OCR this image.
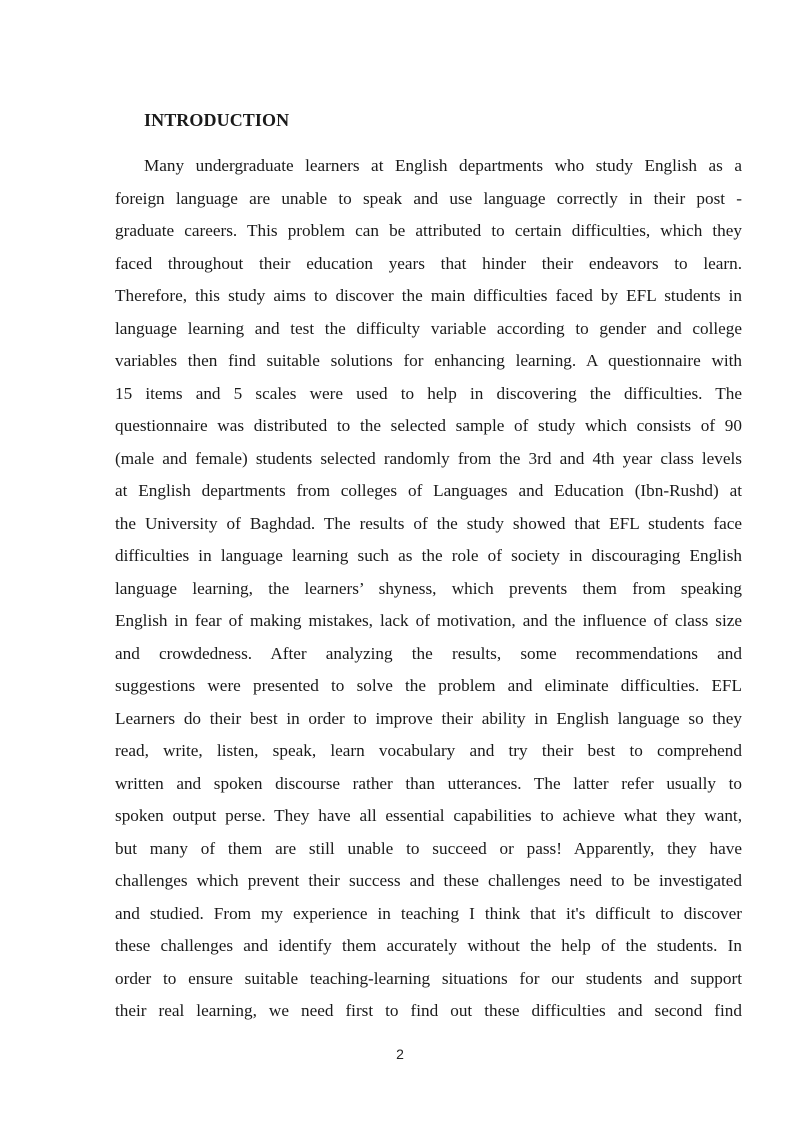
INTRODUCTION
Many undergraduate learners at English departments who study English as a
foreign language are unable to speak and use language correctly in their post -
graduate careers. This problem can be attributed to certain difficulties, which they
faced throughout their education years that hinder their endeavors to learn.
Therefore, this study aims to discover the main difficulties faced by EFL students in
language learning and test the difficulty variable according to gender and college
variables then find suitable solutions for enhancing learning. A questionnaire with
15 items and 5 scales were used to help in discovering the difficulties. The
questionnaire was distributed to the selected sample of study which consists of 90
(male and female) students selected randomly from the 3rd and 4th year class levels
at English departments from colleges of Languages and Education (Ibn-Rushd) at
the University of Baghdad. The results of the study showed that EFL students face
difficulties in language learning such as the role of society in discouraging English
language learning, the learners’ shyness, which prevents them from speaking
English in fear of making mistakes, lack of motivation, and the influence of class size
and crowdedness. After analyzing the results, some recommendations and
suggestions were presented to solve the problem and eliminate difficulties. EFL
Learners do their best in order to improve their ability in English language so they
read, write, listen, speak, learn vocabulary and try their best to comprehend
written and spoken discourse rather than utterances. The latter refer usually to
spoken output perse. They have all essential capabilities to achieve what they want,
but many of them are still unable to succeed or pass! Apparently, they have
challenges which prevent their success and these challenges need to be investigated
and studied. From my experience in teaching I think that it's difficult to discover
these challenges and identify them accurately without the help of the students. In
order to ensure suitable teaching-learning situations for our students and support
their real learning, we need first to find out these difficulties and second find
2
